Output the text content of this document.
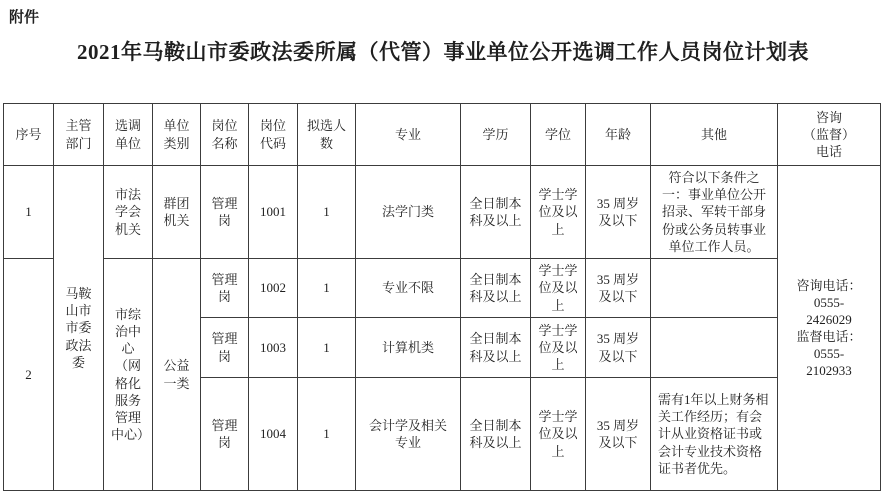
附件
2021年马鞍山市委政法委所属（代管）事业单位公开选调工作人员岗位计划表
序号	主管部门	选调单位	单位类别	岗位名称	岗位代码	拟选人数	专业	学历	学位	年龄	其他	咨询
（监督）
电话
1	马鞍山市市委政法委	市法学会机关	群团机关	管理岗	1001	1	法学门类	全日制本科及以上	学士学位及以上	35 周岁
及以下	符合以下条件之一：事业单位公开招录、军转干部身份或公务员转事业单位工作人员。	咨询电话：
0555-
2426029
监督电话：
0555-
2102933
2		市综治中心（网格化服务管理中心）	公益一类	管理岗	1002	1	专业不限	全日制本科及以上	学士学位及以上	35 周岁
及以下		
				管理岗	1003	1	计算机类	全日制本科及以上	学士学位及以上	35 周岁
及以下		
				管理岗	1004	1	会计学及相关专业	全日制本科及以上	学士学位及以上	35 周岁
及以下	需有1年以上财务相关工作经历；有会计从业资格证书或会计专业技术资格证书者优先。	
